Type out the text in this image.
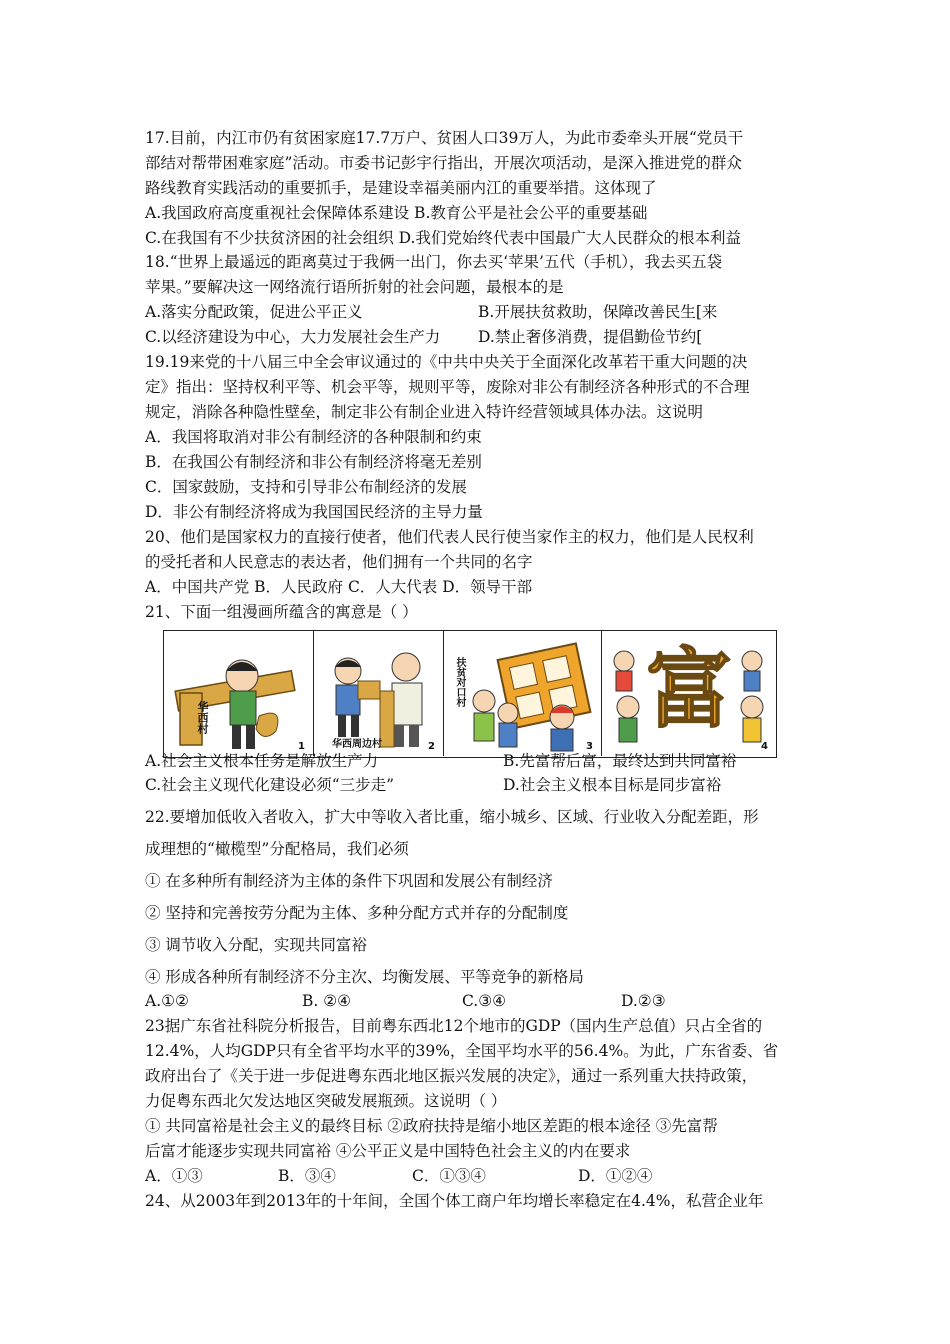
17.目前，内江市仍有贫困家庭17.7万户、贫困人口39万人，为此市委牵头开展“党员干
部结对帮带困难家庭”活动。市委书记彭宇行指出，开展次项活动，是深入推进党的群众
路线教育实践活动的重要抓手，是建设幸福美丽内江的重要举措。这体现了
A.我国政府高度重视社会保障体系建设 B.教育公平是社会公平的重要基础
C.在我国有不少扶贫济困的社会组织 D.我们党始终代表中国最广大人民群众的根本利益
18.“世界上最遥远的距离莫过于我俩一出门，你去买‘苹果’五代（手机），我去买五袋
苹果。”要解决这一网络流行语所折射的社会问题，最根本的是
A.落实分配政策，促进公平正义	B.开展扶贫救助，保障改善民生[来
C.以经济建设为中心，大力发展社会生产力 D.禁止奢侈消费，提倡勤俭节约[
19.19来党的十八届三中全会审议通过的《中共中央关于全面深化改革若干重大问题的决
定》指出：坚持权利平等、机会平等，规则平等，废除对非公有制经济各种形式的不合理
规定，消除各种隐性壁垒，制定非公有制企业进入特许经营领域具体办法。这说明
A．我国将取消对非公有制经济的各种限制和约束
B．在我国公有制经济和非公有制经济将毫无差别
C．国家鼓励，支持和引导非公布制经济的发展
D．非公有制经济将成为我国国民经济的主导力量
20、他们是国家权力的直接行使者，他们代表人民行使当家作主的权力，他们是人民权利
的受托者和人民意志的表达者，他们拥有一个共同的名字
A．中国共产党 B．人民政府 C．人大代表 D．领导干部
21、下面一组漫画所蕴含的寓意是（ ）
1
华西村
2
华西周边村	3
扶贫对口村 富
4
A.社会主义根本任务是解放生产力	B.先富帮后富，最终达到共同富裕
C.社会主义现代化建设必须“三步走”	D.社会主义根本目标是同步富裕
22.要增加低收入者收入，扩大中等收入者比重，缩小城乡、区域、行业收入分配差距，形
成理想的“橄榄型”分配格局，我们必须
① 在多种所有制经济为主体的条件下巩固和发展公有制经济
② 坚持和完善按劳分配为主体、多种分配方式并存的分配制度
③ 调节收入分配，实现共同富裕
④ 形成各种所有制经济不分主次、均衡发展、平等竞争的新格局
A.①②	B. ②④	C.③④	D.②③
23据广东省社科院分析报告，目前粤东西北12个地市的GDP（国内生产总值）只占全省的
12.4%，人均GDP只有全省平均水平的39%，全国平均水平的56.4%。为此，广东省委、省
政府出台了《关于进一步促进粤东西北地区振兴发展的决定》，通过一系列重大扶持政策，
力促粤东西北欠发达地区突破发展瓶颈。这说明（ ）
① 共同富裕是社会主义的最终目标 ②政府扶持是缩小地区差距的根本途径 ③先富帮
后富才能逐步实现共同富裕 ④公平正义是中国特色社会主义的内在要求
A．①③	B．③④	C．①③④	D．①②④
24、从2003年到2013年的十年间，全国个体工商户年均增长率稳定在4.4%，私营企业年
